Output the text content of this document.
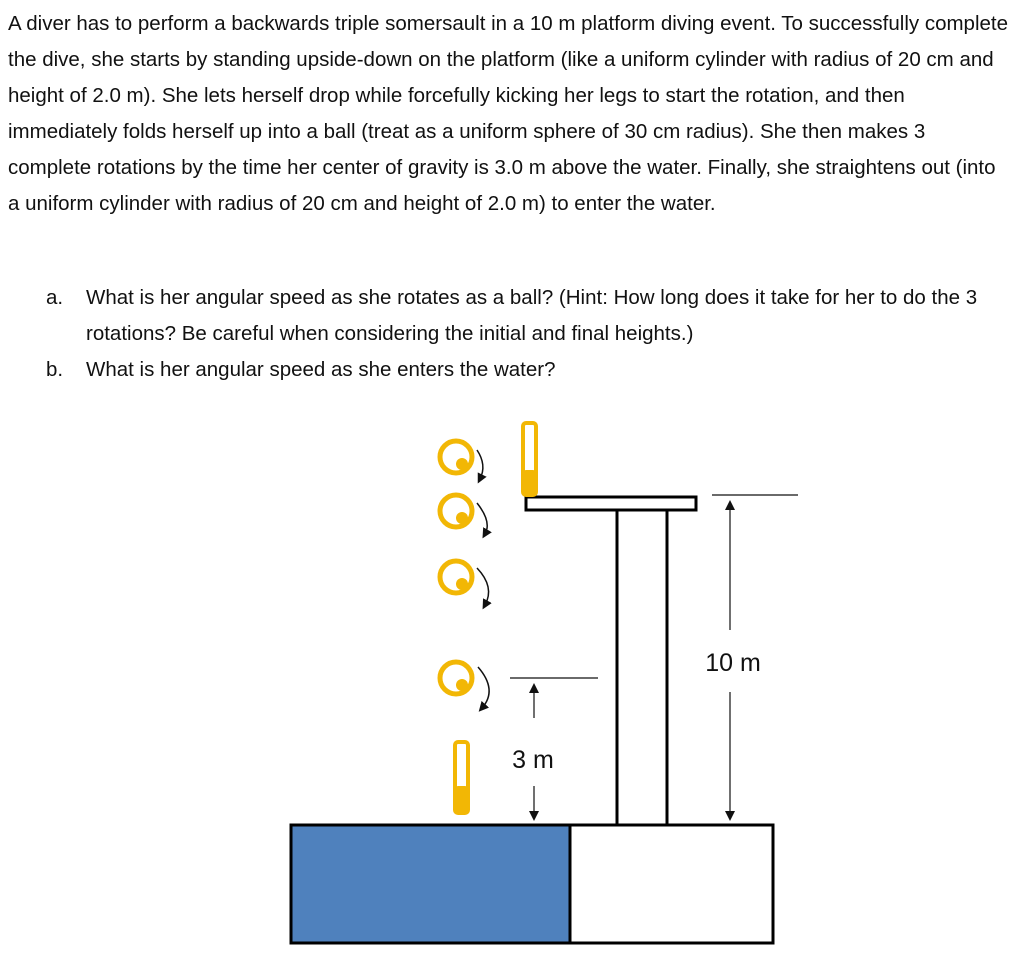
A diver has to perform a backwards triple somersault in a 10 m platform diving event. To successfully complete the dive, she starts by standing upside-down on the platform (like a uniform cylinder with radius of 20 cm and height of 2.0 m). She lets herself drop while forcefully kicking her legs to start the rotation, and then immediately folds herself up into a ball (treat as a uniform sphere of 30 cm radius). She then makes 3 complete rotations by the time her center of gravity is 3.0 m above the water. Finally, she straightens out (into a uniform cylinder with radius of 20 cm and height of 2.0 m) to enter the water.

a.	What is her angular speed as she rotates as a ball? (Hint: How long does it take for her to do the 3 rotations? Be careful when considering the initial and final heights.)
b.	What is her angular speed as she enters the water?
10 m
3 m
